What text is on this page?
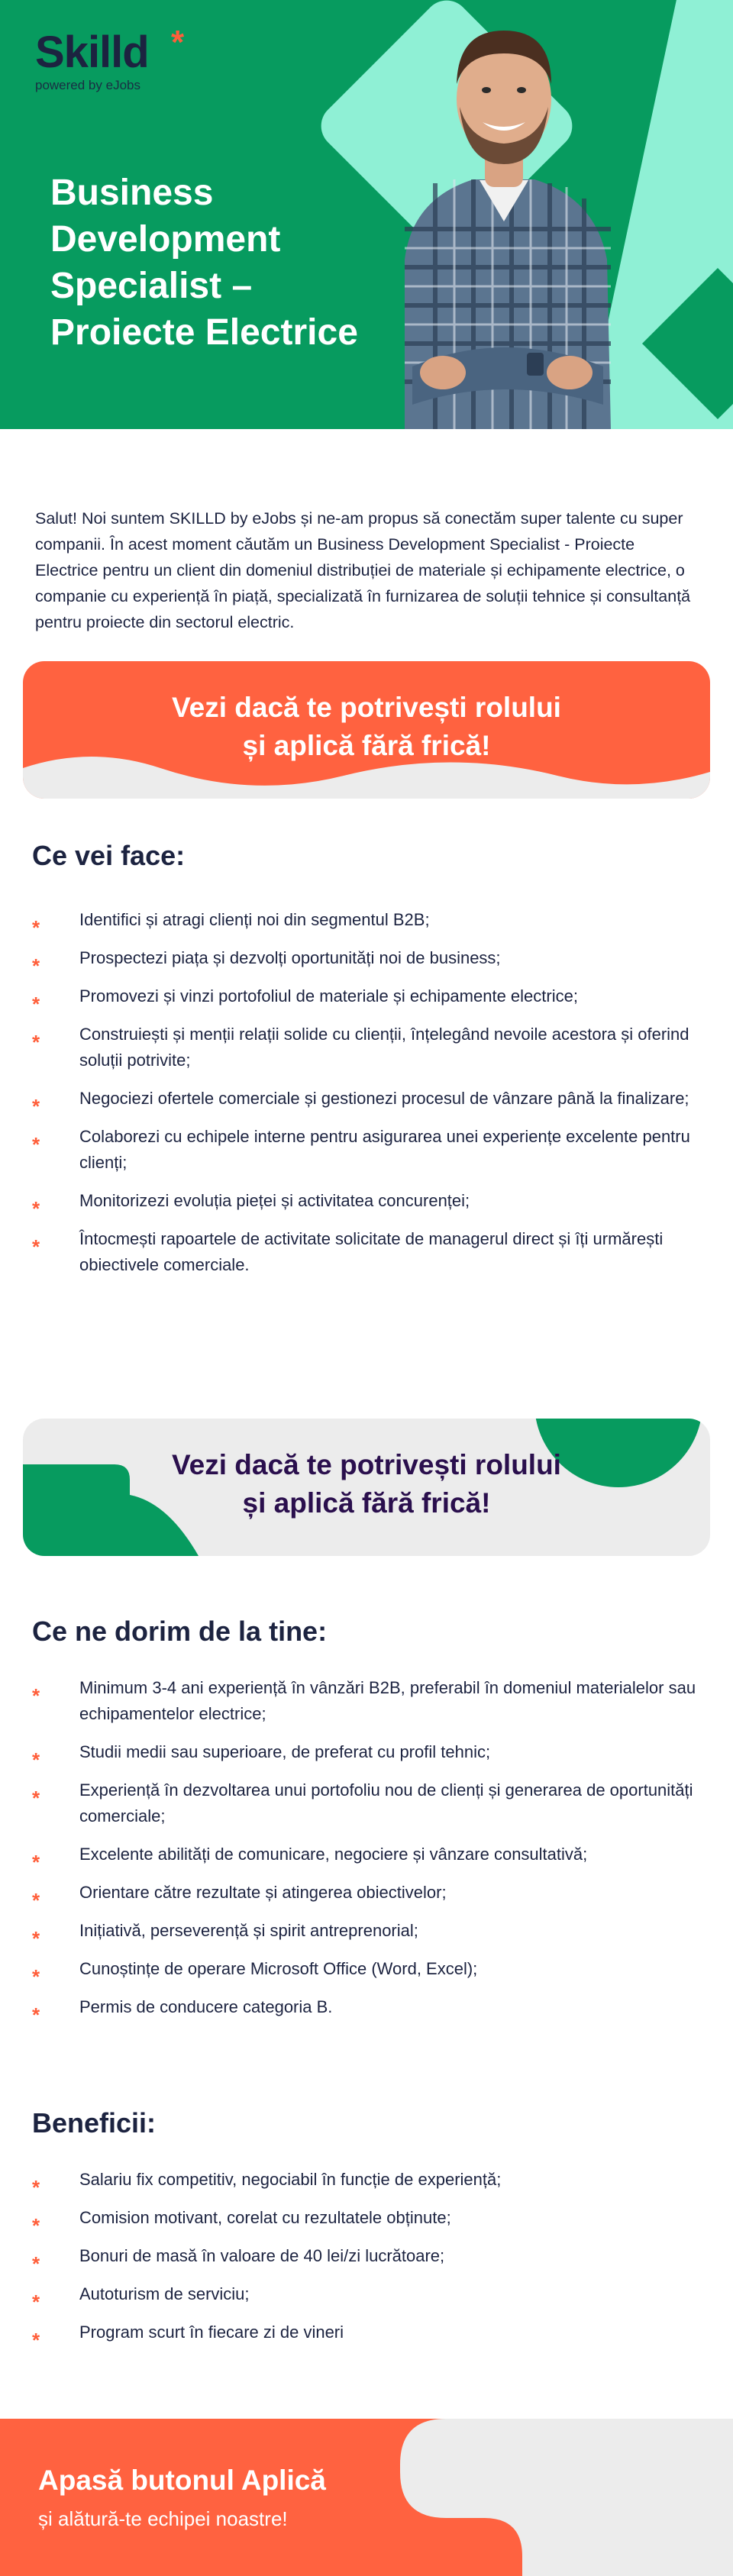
Skilld *
powered by eJobs
Business Development Specialist – Proiecte Electrice

Salut! Noi suntem SKILLD by eJobs și ne-am propus să conectăm super talente cu super companii. În acest moment căutăm un Business Development Specialist - Proiecte Electrice pentru un client din domeniul distribuției de materiale și echipamente electrice, o companie cu experiență în piață, specializată în furnizarea de soluții tehnice și consultanță pentru proiecte din sectorul electric.

Vezi dacă te potrivești rolului
și aplică fără frică!
Ce vei face:
* Identifici și atragi clienți noi din segmentul B2B;
* Prospectezi piața și dezvolți oportunități noi de business;
* Promovezi și vinzi portofoliul de materiale și echipamente electrice;
* Construiești și menții relații solide cu clienții, înțelegând nevoile acestora și oferind soluții potrivite;
* Negociezi ofertele comerciale și gestionezi procesul de vânzare până la finalizare;
* Colaborezi cu echipele interne pentru asigurarea unei experiențe excelente pentru clienți;
* Monitorizezi evoluția pieței și activitatea concurenței;
* Întocmești rapoartele de activitate solicitate de managerul direct și îți urmărești obiectivele comerciale.
Vezi dacă te potrivești rolului
și aplică fără frică!
Ce ne dorim de la tine:
* Minimum 3-4 ani experiență în vânzări B2B, preferabil în domeniul materialelor sau echipamentelor electrice;
* Studii medii sau superioare, de preferat cu profil tehnic;
* Experiență în dezvoltarea unui portofoliu nou de clienți și generarea de oportunități comerciale;
* Excelente abilități de comunicare, negociere și vânzare consultativă;
* Orientare către rezultate și atingerea obiectivelor;
* Inițiativă, perseverență și spirit antreprenorial;
* Cunoștințe de operare Microsoft Office (Word, Excel);
* Permis de conducere categoria B.
Beneficii:
* Salariu fix competitiv, negociabil în funcție de experiență;
* Comision motivant, corelat cu rezultatele obținute;
* Bonuri de masă în valoare de 40 lei/zi lucrătoare;
* Autoturism de serviciu;
* Program scurt în fiecare zi de vineri
Apasă butonul Aplică
și alătură-te echipei noastre!
